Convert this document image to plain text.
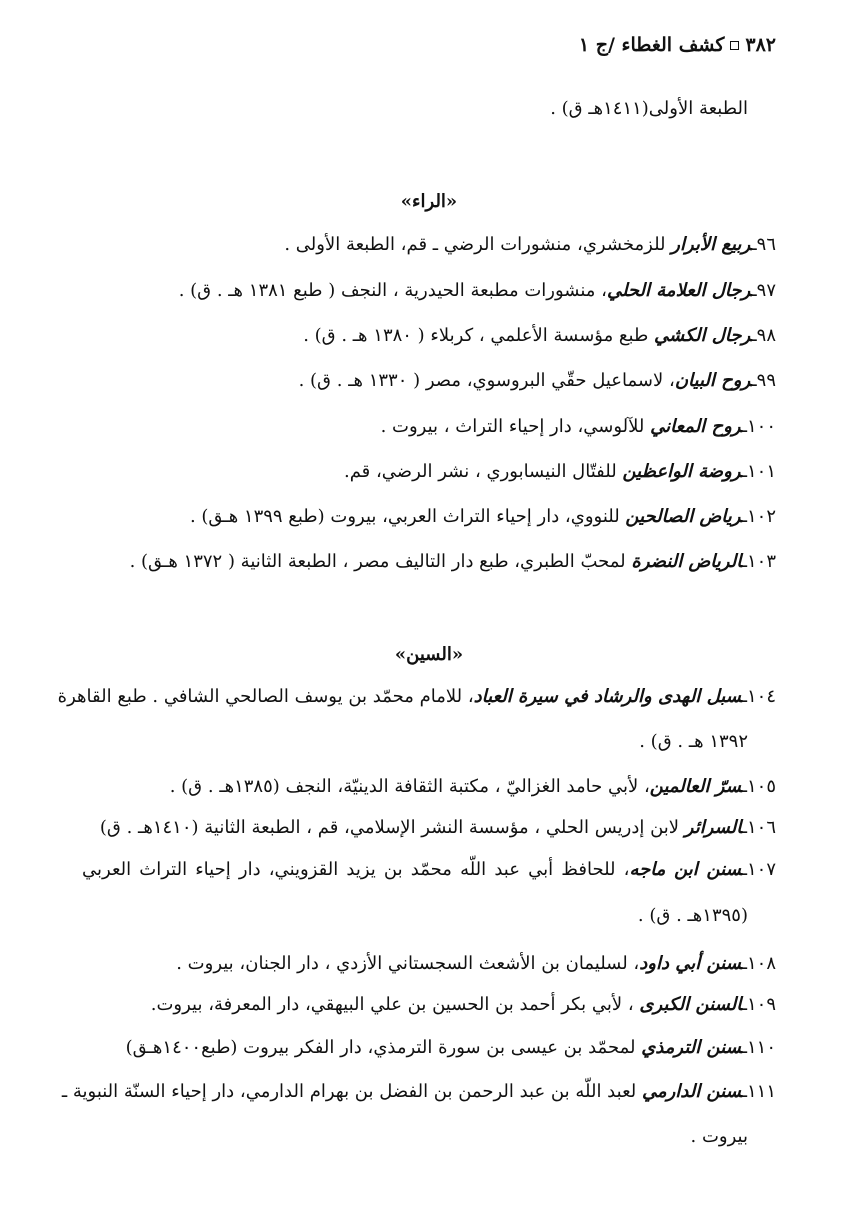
٣٨٢
كشف الغطاء /ج ١
الطبعة الأولى(١٤١١هـ ق) .
«الراء»
٩٦ـربيع الأبرار للزمخشري، منشورات الرضي ـ قم، الطبعة الأولى .
٩٧ـرجال العلامة الحلي، منشورات مطبعة الحيدرية ، النجف ( طبع ١٣٨١ هـ . ق) .
٩٨ـرجال الكشي طبع مؤسسة الأعلمي ، كربلاء ( ١٣٨٠ هـ . ق) .
٩٩ـروح البيان، لاسماعيل حقّي البروسوي، مصر ( ١٣٣٠ هـ . ق) .
١٠٠ـروح المعاني للآلوسي، دار إحياء التراث ، بيروت .
١٠١ـروضة الواعظين للفتّال النيسابوري ، نشر الرضي، قم.
١٠٢ـرياض الصالحين للنووي، دار إحياء التراث العربي، بيروت (طبع ١٣٩٩ هـق) .
١٠٣ـالرياض النضرة لمحبّ الطبري، طبع دار التاليف مصر ، الطبعة الثانية ( ١٣٧٢ هـق) .
«السين»
١٠٤ـسبل الهدى والرشاد في سيرة العباد، للامام محمّد بن يوسف الصالحي الشافي . طبع القاهرة
١٣٩٢ هـ . ق) .
١٠٥ـسرّ العالمين، لأبي حامد الغزاليّ ، مكتبة الثقافة الدينيّة، النجف (١٣٨٥هـ . ق) .
١٠٦ـالسرائر لابن إدريس الحلي ، مؤسسة النشر الإسلامي، قم ، الطبعة الثانية (١٤١٠هـ . ق)
١٠٧ـسنن ابن ماجه، للحافظ أبي عبد اللّه محمّد بن يزيد القزويني، دار إحياء التراث العربي
(١٣٩٥هـ . ق) .
١٠٨ـسنن أبي داود، لسليمان بن الأشعث السجستاني الأزدي ، دار الجنان، بيروت .
١٠٩ـالسنن الكبرى ، لأبي بكر أحمد بن الحسين بن علي البيهقي، دار المعرفة، بيروت.
١١٠ـسنن الترمذي لمحمّد بن عيسى بن سورة الترمذي، دار الفكر بيروت (طبع١٤٠٠هـق)
١١١ـسنن الدارمي لعبد اللّه بن عبد الرحمن بن الفضل بن بهرام الدارمي، دار إحياء السنّة النبوية ـ
بيروت .
